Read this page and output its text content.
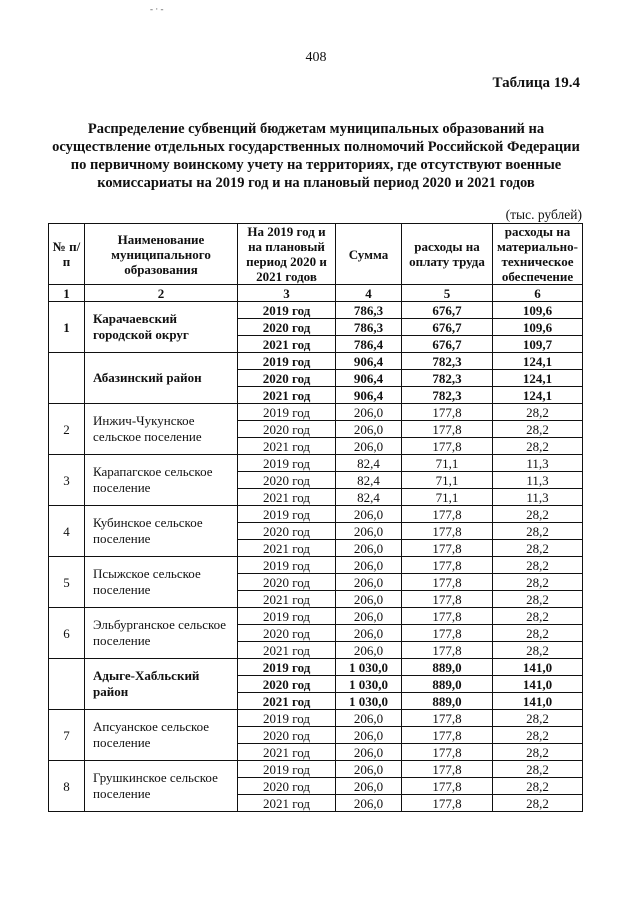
- · -
408
Таблица 19.4
Распределение субвенций бюджетам муниципальных образований на осуществление отдельных государственных полномочий Российской Федерации по первичному воинскому учету на территориях, где отсутствуют военные комиссариаты на 2019 год и на плановый период 2020 и 2021 годов
(тыс. рублей)
№ п/п	Наименование муниципального образования	На 2019 год и на плановый период 2020 и 2021 годов	Сумма	расходы на оплату труда	расходы на материально-техническое обеспечение
1	2	3	4	5	6
1	Карачаевский городской округ	2019 год	786,3	676,7	109,6
		2020 год	786,3	676,7	109,6
		2021 год	786,4	676,7	109,7
	Абазинский район	2019 год	906,4	782,3	124,1
		2020 год	906,4	782,3	124,1
		2021 год	906,4	782,3	124,1
2	Инжич-Чукунское сельское поселение	2019 год	206,0	177,8	28,2
		2020 год	206,0	177,8	28,2
		2021 год	206,0	177,8	28,2
3	Карапагское сельское поселение	2019 год	82,4	71,1	11,3
		2020 год	82,4	71,1	11,3
		2021 год	82,4	71,1	11,3
4	Кубинское сельское поселение	2019 год	206,0	177,8	28,2
		2020 год	206,0	177,8	28,2
		2021 год	206,0	177,8	28,2
5	Псыжское сельское поселение	2019 год	206,0	177,8	28,2
		2020 год	206,0	177,8	28,2
		2021 год	206,0	177,8	28,2
6	Эльбурганское сельское поселение	2019 год	206,0	177,8	28,2
		2020 год	206,0	177,8	28,2
		2021 год	206,0	177,8	28,2
	Адыге-Хабльский район	2019 год	1 030,0	889,0	141,0
		2020 год	1 030,0	889,0	141,0
		2021 год	1 030,0	889,0	141,0
7	Апсуанское сельское поселение	2019 год	206,0	177,8	28,2
		2020 год	206,0	177,8	28,2
		2021 год	206,0	177,8	28,2
8	Грушкинское сельское поселение	2019 год	206,0	177,8	28,2
		2020 год	206,0	177,8	28,2
		2021 год	206,0	177,8	28,2
